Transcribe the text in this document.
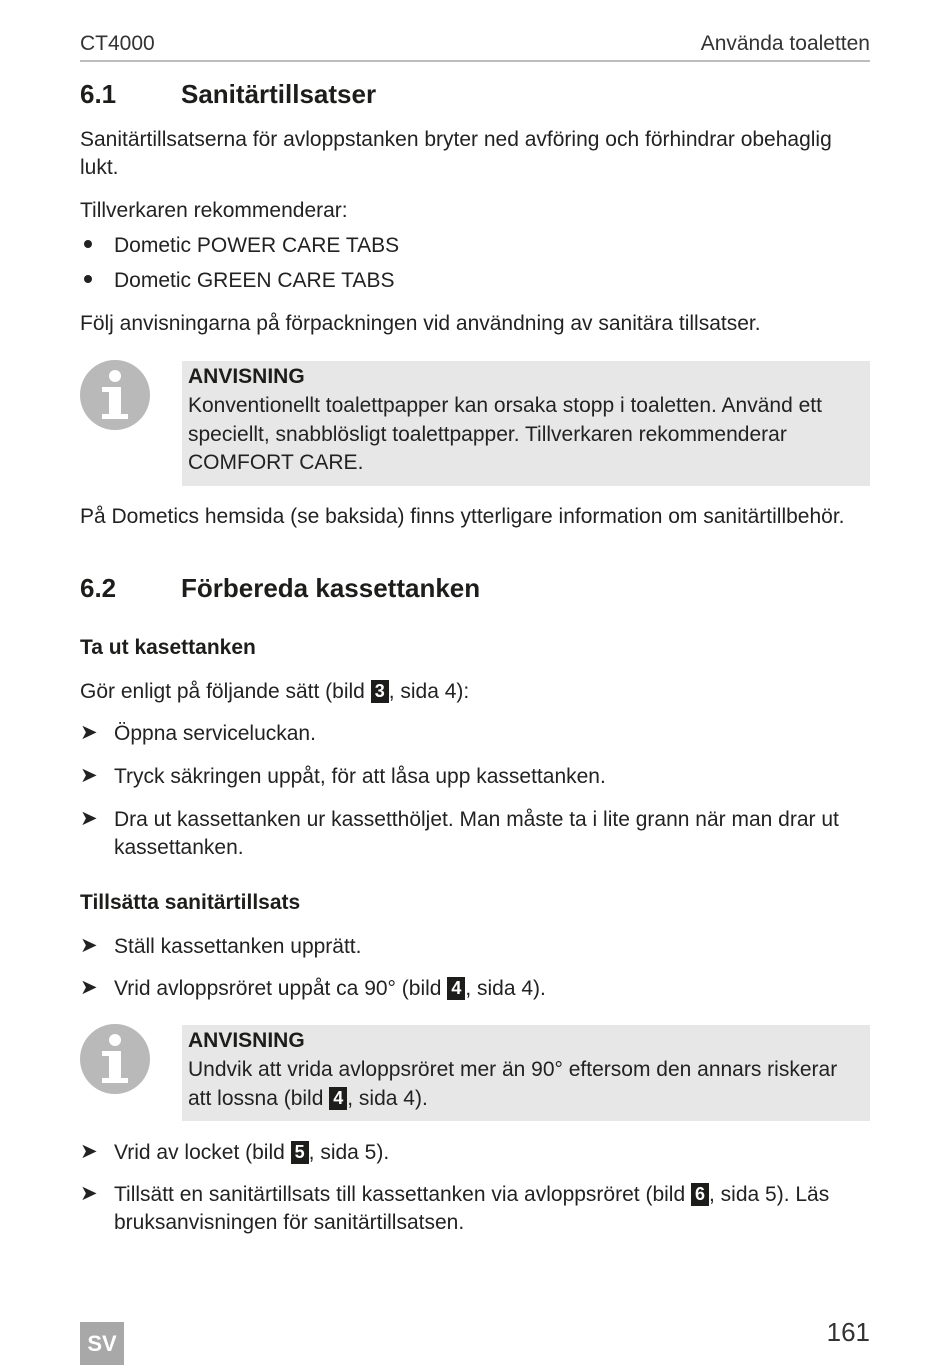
CT4000	Använda toaletten
6.1 Sanitärtillsatser
Sanitärtillsatserna för avloppstanken bryter ned avföring och förhindrar obehaglig lukt.
Tillverkaren rekommenderar:
Dometic POWER CARE TABS
Dometic GREEN CARE TABS
Följ anvisningarna på förpackningen vid användning av sanitära tillsatser.
ANVISNING
Konventionellt toalettpapper kan orsaka stopp i toaletten. Använd ett speciellt, snabblösligt toalettpapper. Tillverkaren rekommenderar COMFORT CARE.
På Dometics hemsida (se baksida) finns ytterligare information om sanitärtillbehör.
6.2 Förbereda kassettanken
Ta ut kasettanken
Gör enligt på följande sätt (bild 3 , sida 4):
➤ Öppna serviceluckan.
➤ Tryck säkringen uppåt, för att låsa upp kassettanken.
➤ Dra ut kassettanken ur kassetthöljet. Man måste ta i lite grann när man drar ut kassettanken.
Tillsätta sanitärtillsats
➤ Ställ kassettanken upprätt.
➤ Vrid avloppsröret uppåt ca 90° (bild 4 , sida 4).
ANVISNING
Undvik att vrida avloppsröret mer än 90° eftersom den annars riskerar att lossna (bild 4 , sida 4).
➤ Vrid av locket (bild 5 , sida 5).
➤ Tillsätt en sanitärtillsats till kassettanken via avloppsröret (bild 6 , sida 5). Läs bruksanvisningen för sanitärtillsatsen.
SV	161
